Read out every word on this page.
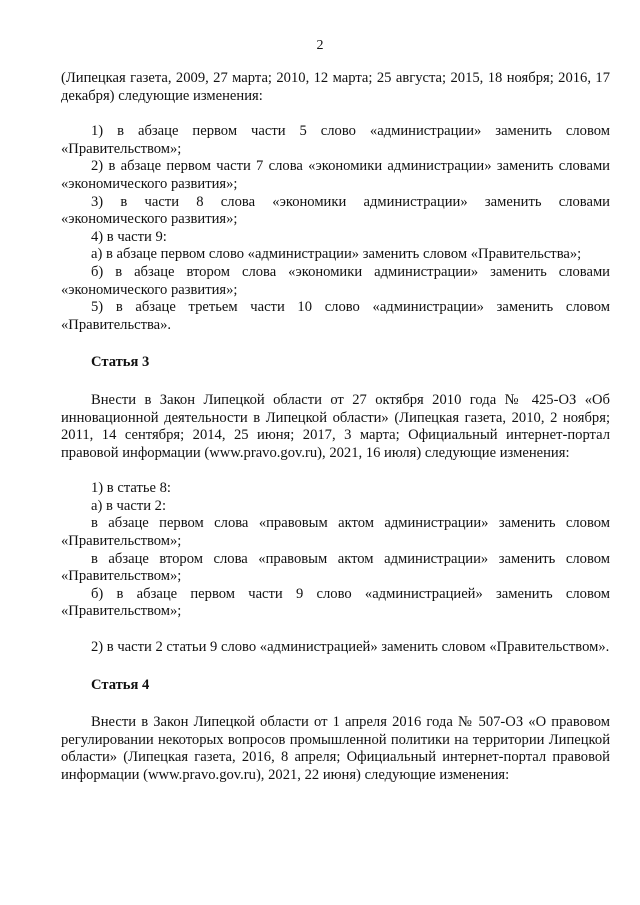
2

(Липецкая газета, 2009, 27 марта; 2010, 12 марта; 25 августа; 2015, 18 ноября; 2016, 17 декабря) следующие изменения:

1) в абзаце первом части 5 слово «администрации» заменить словом «Правительством»;

2) в абзаце первом части 7 слова «экономики администрации» заменить словами «экономического развития»;

3) в части 8 слова «экономики администрации» заменить словами «экономического развития»;

4) в части 9:

а) в абзаце первом слово «администрации» заменить словом «Правительства»;

б) в абзаце втором слова «экономики администрации» заменить словами «экономического развития»;

5) в абзаце третьем части 10 слово «администрации» заменить словом «Правительства».

Статья 3

Внести в Закон Липецкой области от 27 октября 2010 года № 425-ОЗ «Об инновационной деятельности в Липецкой области» (Липецкая газета, 2010, 2 ноября; 2011, 14 сентября; 2014, 25 июня; 2017, 3 марта; Официальный интернет-портал правовой информации (www.pravo.gov.ru), 2021, 16 июля) следующие изменения:

1) в статье 8:

а) в части 2:

в абзаце первом слова «правовым актом администрации» заменить словом «Правительством»;

в абзаце втором слова «правовым актом администрации» заменить словом «Правительством»;

б) в абзаце первом части 9 слово «администрацией» заменить словом «Правительством»;

2) в части 2 статьи 9 слово «администрацией» заменить словом «Правительством».

Статья 4

Внести в Закон Липецкой области от 1 апреля 2016 года № 507-ОЗ «О правовом регулировании некоторых вопросов промышленной политики на территории Липецкой области» (Липецкая газета, 2016, 8 апреля; Официальный интернет-портал правовой информации (www.pravo.gov.ru), 2021, 22 июня) следующие изменения:
